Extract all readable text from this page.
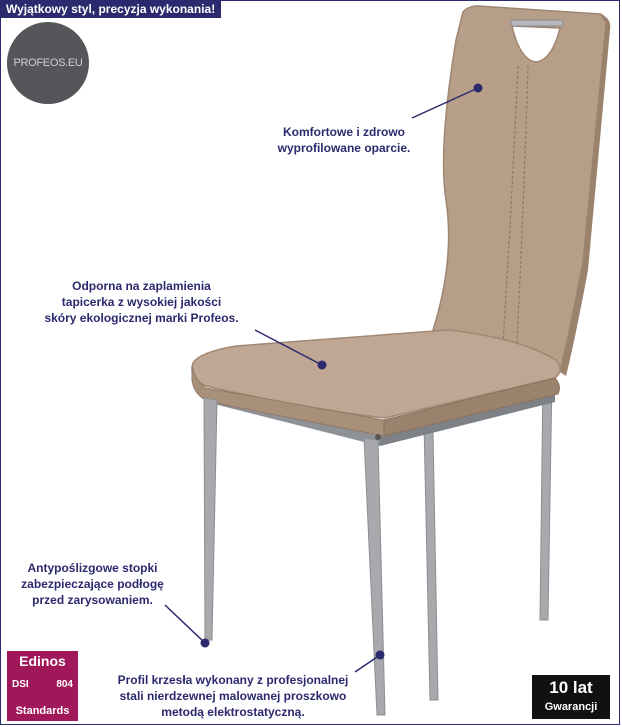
Wyjątkowy styl, precyzja wykonania!
PROFEOS.EU
Komfortowe i zdrowo
wyprofilowane oparcie.
Odporna na zaplamienia
tapicerka z wysokiej jakości
skóry ekologicznej marki Profeos.
Antypoślizgowe stopki
zabezpieczające podłogę
przed zarysowaniem.
Profil krzesła wykonany z profesjonalnej
stali nierdzewnej malowanej proszkowo
metodą elektrostatyczną.
Edinos
DSI	804
Standards
10 lat
Gwarancji
